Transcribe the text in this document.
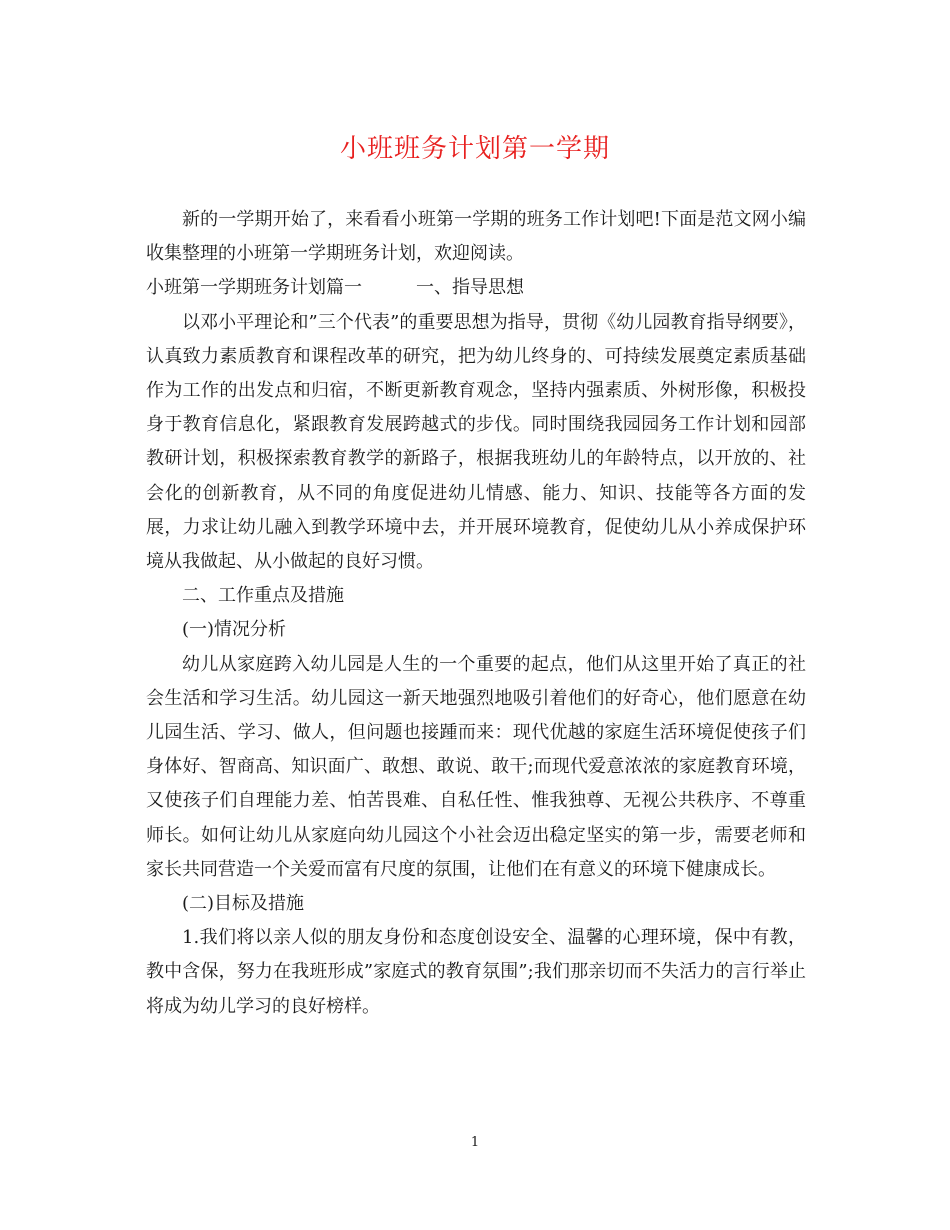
小班班务计划第一学期

新的一学期开始了，来看看小班第一学期的班务工作计划吧!下面是范文网小编收集整理的小班第一学期班务计划，欢迎阅读。

小班第一学期班务计划篇一　　　一、指导思想

以邓小平理论和”三个代表”的重要思想为指导，贯彻《幼儿园教育指导纲要》，认真致力素质教育和课程改革的研究，把为幼儿终身的、可持续发展奠定素质基础作为工作的出发点和归宿，不断更新教育观念，坚持内强素质、外树形像，积极投身于教育信息化，紧跟教育发展跨越式的步伐。同时围绕我园园务工作计划和园部教研计划，积极探索教育教学的新路子，根据我班幼儿的年龄特点，以开放的、社会化的创新教育，从不同的角度促进幼儿情感、能力、知识、技能等各方面的发展，力求让幼儿融入到教学环境中去，并开展环境教育，促使幼儿从小养成保护环境从我做起、从小做起的良好习惯。

二、工作重点及措施

(一)情况分析

幼儿从家庭跨入幼儿园是人生的一个重要的起点，他们从这里开始了真正的社会生活和学习生活。幼儿园这一新天地强烈地吸引着他们的好奇心，他们愿意在幼儿园生活、学习、做人，但问题也接踵而来：现代优越的家庭生活环境促使孩子们身体好、智商高、知识面广、敢想、敢说、敢干;而现代爱意浓浓的家庭教育环境，又使孩子们自理能力差、怕苦畏难、自私任性、惟我独尊、无视公共秩序、不尊重师长。如何让幼儿从家庭向幼儿园这个小社会迈出稳定坚实的第一步，需要老师和家长共同营造一个关爱而富有尺度的氛围，让他们在有意义的环境下健康成长。

(二)目标及措施

1.我们将以亲人似的朋友身份和态度创设安全、温馨的心理环境，保中有教，教中含保，努力在我班形成”家庭式的教育氛围”;我们那亲切而不失活力的言行举止将成为幼儿学习的良好榜样。

1
